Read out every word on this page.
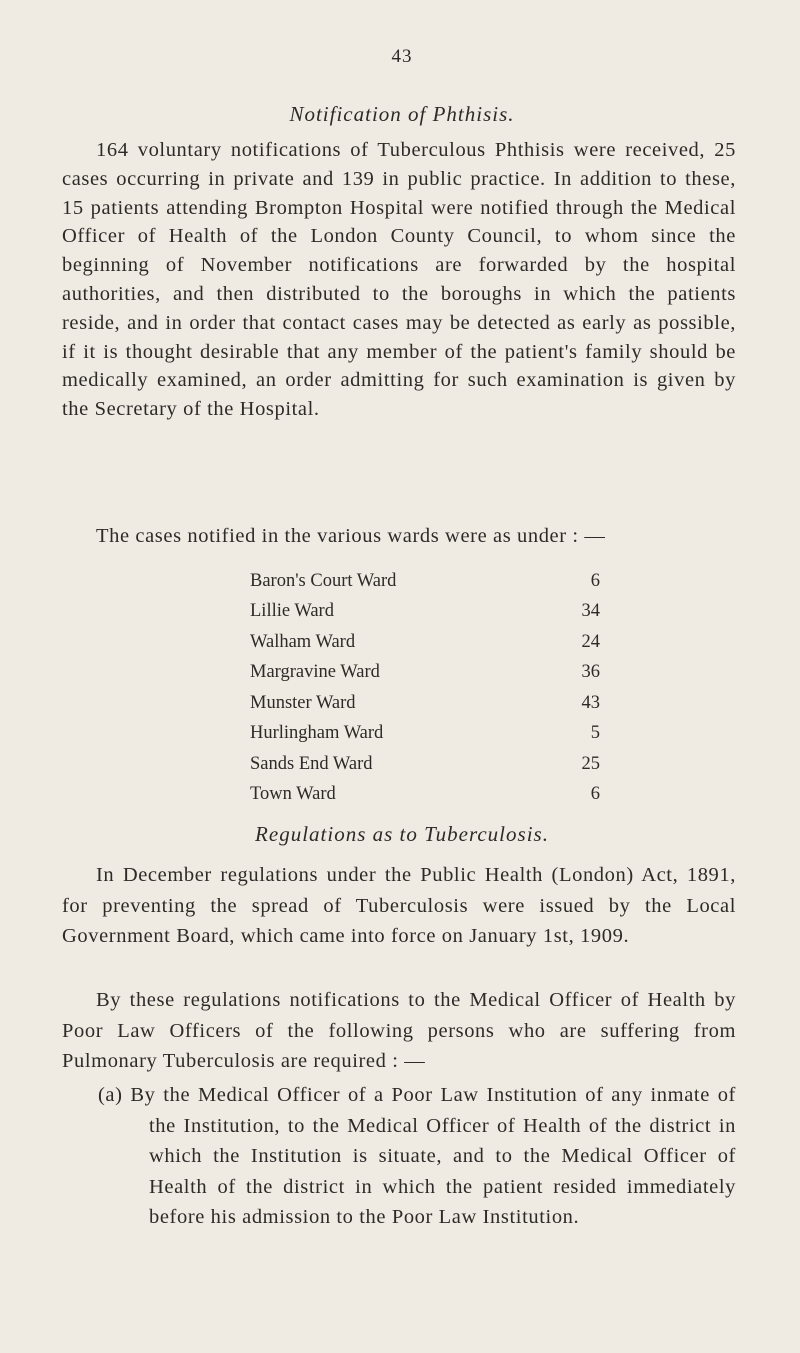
43
Notification of Phthisis.

164 voluntary notifications of Tuberculous Phthisis were received, 25 cases occurring in private and 139 in public practice. In addition to these, 15 patients attending Brompton Hospital were notified through the Medical Officer of Health of the London County Council, to whom since the beginning of November notifications are forwarded by the hospital authorities, and then distributed to the boroughs in which the patients reside, and in order that contact cases may be detected as early as possible, if it is thought desirable that any member of the patient's family should be medically examined, an order admitting for such examination is given by the Secretary of the Hospital.

The cases notified in the various wards were as under : —

Baron's Court Ward	6
Lillie Ward	34
Walham Ward	24
Margravine Ward	36
Munster Ward	43
Hurlingham Ward	5
Sands End Ward	25
Town Ward	6
Regulations as to Tuberculosis.

In December regulations under the Public Health (London) Act, 1891, for preventing the spread of Tuberculosis were issued by the Local Government Board, which came into force on January 1st, 1909.

By these regulations notifications to the Medical Officer of Health by Poor Law Officers of the following persons who are suffering from Pulmonary Tuberculosis are required : —

(a) By the Medical Officer of a Poor Law Institution of any inmate of the Institution, to the Medical Officer of Health of the district in which the Institution is situate, and to the Medical Officer of Health of the district in which the patient resided immediately before his admission to the Poor Law Institution.
